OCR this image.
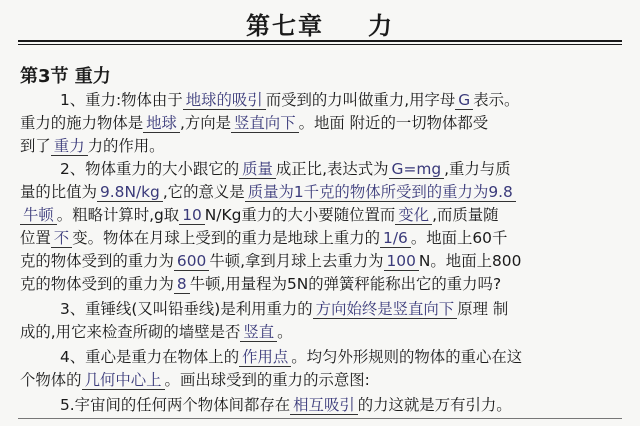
第七章 力
第3节 重力
1、重力:物体由于 地球的吸引 而受到的力叫做重力,用字母 G 表示。
重力的施力物体是 地球 ,方向是 竖直向下 。地面 附近的一切物体都受
到了 重力 力的作用。
2、物体重力的大小跟它的 质量 成正比,表达式为 G=mg ,重力与质
量的比值为 9.8N/kg ,它的意义是 质量为1千克的物体所受到的重力为9.8
牛顿 。粗略计算时,g取 10 N/Kg重力的大小要随位置而 变化 ,而质量随
位置 不 变。物体在月球上受到的重力是地球上重力的 1/6 。地面上60千
克的物体受到的重力为 600 牛顿,拿到月球上去重力为 100 N。地面上800
克的物体受到的重力为 8 牛顿,用量程为5N的弹簧秤能称出它的重力吗?
3、重锤线(又叫铅垂线)是利用重力的 方向始终是竖直向下 原理 制
成的,用它来检查所砌的墙壁是否 竖直 。
4、重心是重力在物体上的 作用点 。均匀外形规则的物体的重心在这
个物体的 几何中心上 。画出球受到的重力的示意图:
5.宇宙间的任何两个物体间都存在 相互吸引 的力这就是万有引力。
